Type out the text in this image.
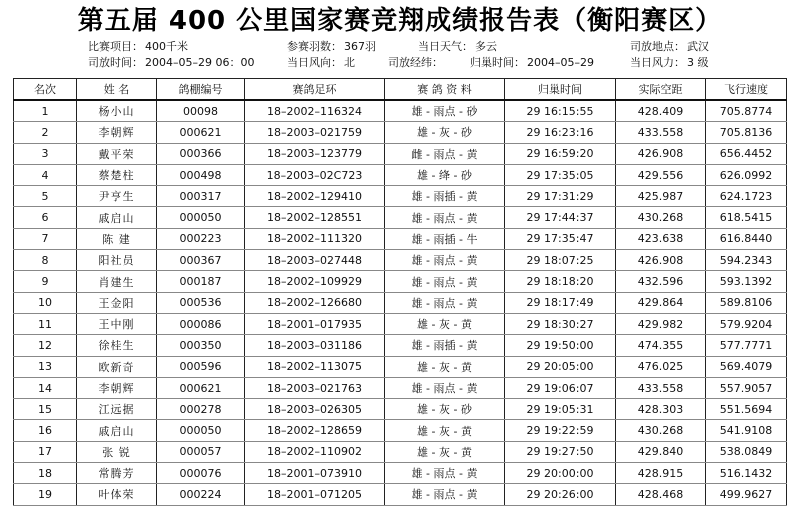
第五届 400 公里国家赛竞翔成绩报告表（衡阳赛区）
比赛项目： 400千米	参赛羽数： 367羽	当日天气： 多云	司放地点： 武汉
司放时间： 2004–05–29 06：00	当日风向： 北	司放经纬： 归巢时间： 2004–05–29	当日风力： 3 级
名次	姓 名	鸽棚编号	赛鸽足环	赛 鸽 资 料	归巢时间	实际空距	飞行速度
1	杨小山	00098	18–2002–116324	雄 - 雨点 - 砂	29 16:15:55	428.409	705.8774
2	李朝辉	000621	18–2003–021759	雄 - 灰 - 砂	29 16:23:16	433.558	705.8136
3	戴平荣	000366	18–2003–123779	雌 - 雨点 - 黄	29 16:59:20	426.908	656.4452
4	蔡楚柱	000498	18–2003–02C723	雄 - 绛 - 砂	29 17:35:05	429.556	626.0992
5	尹亨生	000317	18–2002–129410	雄 - 雨插 - 黄	29 17:31:29	425.987	624.1723
6	戚启山	000050	18–2002–128551	雄 - 雨点 - 黄	29 17:44:37	430.268	618.5415
7	陈 建	000223	18–2002–111320	雄 - 雨插 - 牛	29 17:35:47	423.638	616.8440
8	阳社员	000367	18–2003–027448	雄 - 雨点 - 黄	29 18:07:25	426.908	594.2343
9	肖建生	000187	18–2002–109929	雄 - 雨点 - 黄	29 18:18:20	432.596	593.1392
10	王金阳	000536	18–2002–126680	雄 - 雨点 - 黄	29 18:17:49	429.864	589.8106
11	王中刚	000086	18–2001–017935	雄 - 灰 - 黄	29 18:30:27	429.982	579.9204
12	徐桂生	000350	18–2003–031186	雄 - 雨插 - 黄	29 19:50:00	474.355	577.7771
13	欧新奇	000596	18–2002–113075	雄 - 灰 - 黄	29 20:05:00	476.025	569.4079
14	李朝辉	000621	18–2003–021763	雄 - 雨点 - 黄	29 19:06:07	433.558	557.9057
15	江远据	000278	18–2003–026305	雄 - 灰 - 砂	29 19:05:31	428.303	551.5694
16	戚启山	000050	18–2002–128659	雄 - 灰 - 黄	29 19:22:59	430.268	541.9108
17	张 锐	000057	18–2002–110902	雄 - 灰 - 黄	29 19:27:50	429.840	538.0849
18	常腾芳	000076	18–2001–073910	雄 - 雨点 - 黄	29 20:00:00	428.915	516.1432
19	叶体荣	000224	18–2001–071205	雄 - 雨点 - 黄	29 20:26:00	428.468	499.9627
